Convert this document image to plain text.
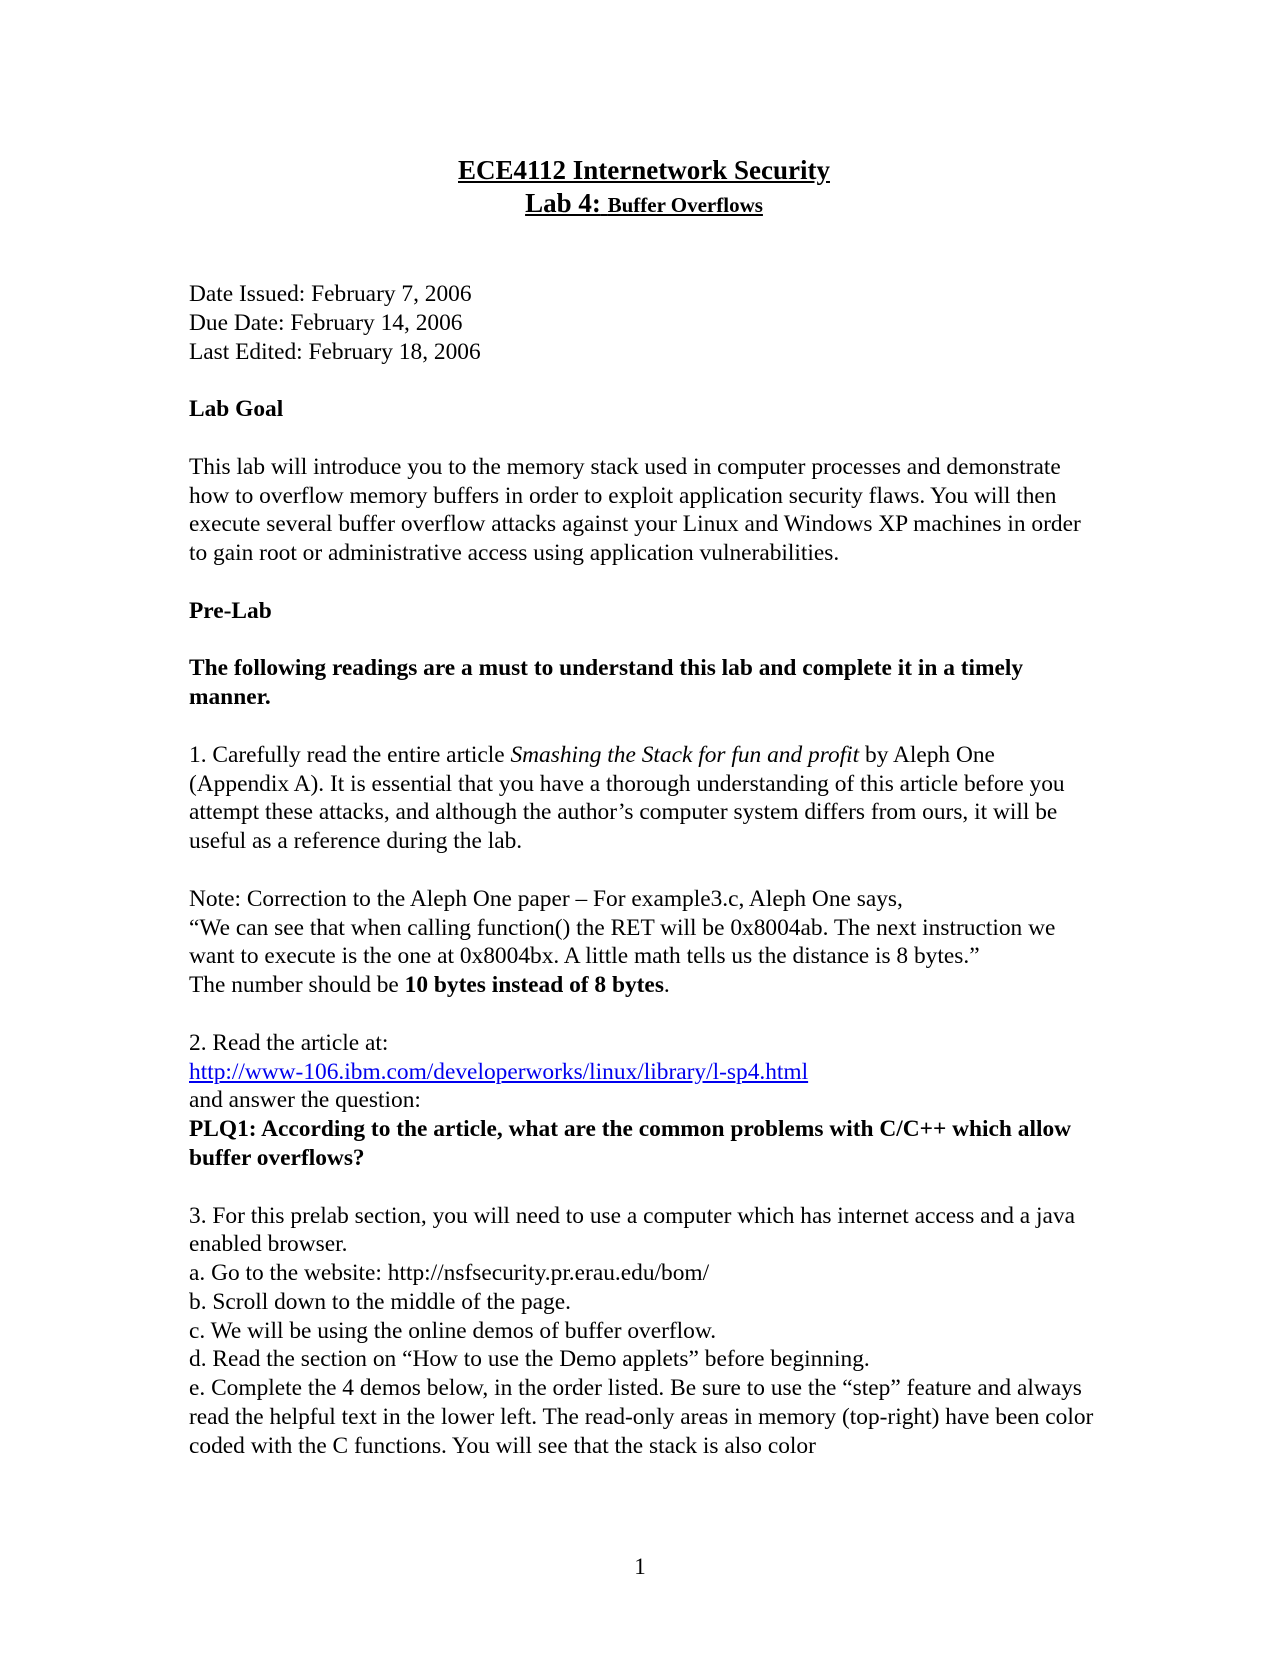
ECE4112 Internetwork Security
Lab 4: Buffer Overflows

Date Issued: February 7, 2006

Due Date: February 14, 2006

Last Edited: February 18, 2006

Lab Goal

This lab will introduce you to the memory stack used in computer processes and demonstrate how to overflow memory buffers in order to exploit application security flaws. You will then execute several buffer overflow attacks against your Linux and Windows XP machines in order to gain root or administrative access using application vulnerabilities.

Pre-Lab

The following readings are a must to understand this lab and complete it in a timely manner.

1. Carefully read the entire article Smashing the Stack for fun and profit by Aleph One (Appendix A). It is essential that you have a thorough understanding of this article before you attempt these attacks, and although the author’s computer system differs from ours, it will be useful as a reference during the lab.

Note: Correction to the Aleph One paper – For example3.c, Aleph One says,

“We can see that when calling function() the RET will be 0x8004ab. The next instruction we want to execute is the one at 0x8004bx. A little math tells us the distance is 8 bytes.”

The number should be 10 bytes instead of 8 bytes.

2. Read the article at:

http://www-106.ibm.com/developerworks/linux/library/l-sp4.html

and answer the question:

PLQ1: According to the article, what are the common problems with C/C++ which allow buffer overflows?

3. For this prelab section, you will need to use a computer which has internet access and a java enabled browser.

a. Go to the website: http://nsfsecurity.pr.erau.edu/bom/

b. Scroll down to the middle of the page.

c. We will be using the online demos of buffer overflow.

d. Read the section on “How to use the Demo applets” before beginning.

e. Complete the 4 demos below, in the order listed. Be sure to use the “step” feature and always read the helpful text in the lower left. The read-only areas in memory (top-right) have been color coded with the C functions. You will see that the stack is also color

1
